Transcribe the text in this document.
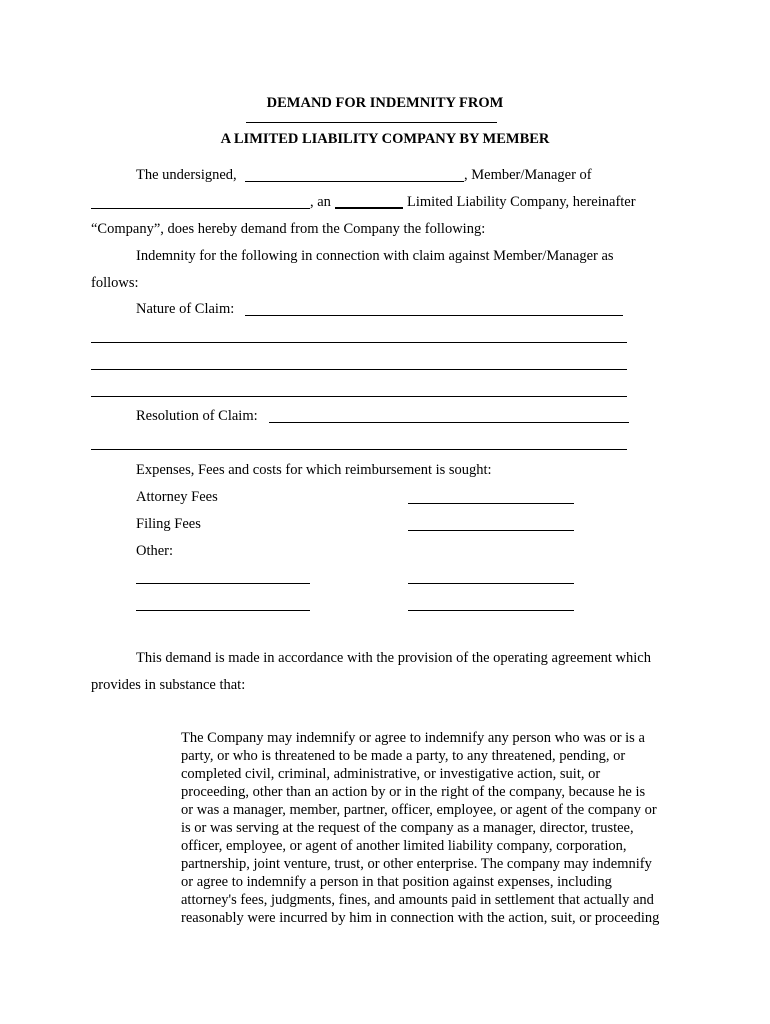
DEMAND FOR INDEMNITY FROM
A LIMITED LIABILITY COMPANY BY MEMBER
The undersigned,	, Member/Manager of
, an	Limited Liability Company, hereinafter
“Company”, does hereby demand from the Company the following:
Indemnity for the following in connection with claim against Member/Manager as
follows:
Nature of Claim:
Resolution of Claim:
Expenses, Fees and costs for which reimbursement is sought:
Attorney Fees
Filing Fees
Other:
This demand is made in accordance with the provision of the operating agreement which
provides in substance that:
The Company may indemnify or agree to indemnify any person who was or is a
party, or who is threatened to be made a party, to any threatened, pending, or
completed civil, criminal, administrative, or investigative action, suit, or
proceeding, other than an action by or in the right of the company, because he is
or was a manager, member, partner, officer, employee, or agent of the company or
is or was serving at the request of the company as a manager, director, trustee,
officer, employee, or agent of another limited liability company, corporation,
partnership, joint venture, trust, or other enterprise. The company may indemnify
or agree to indemnify a person in that position against expenses, including
attorney's fees, judgments, fines, and amounts paid in settlement that actually and
reasonably were incurred by him in connection with the action, suit, or proceeding
